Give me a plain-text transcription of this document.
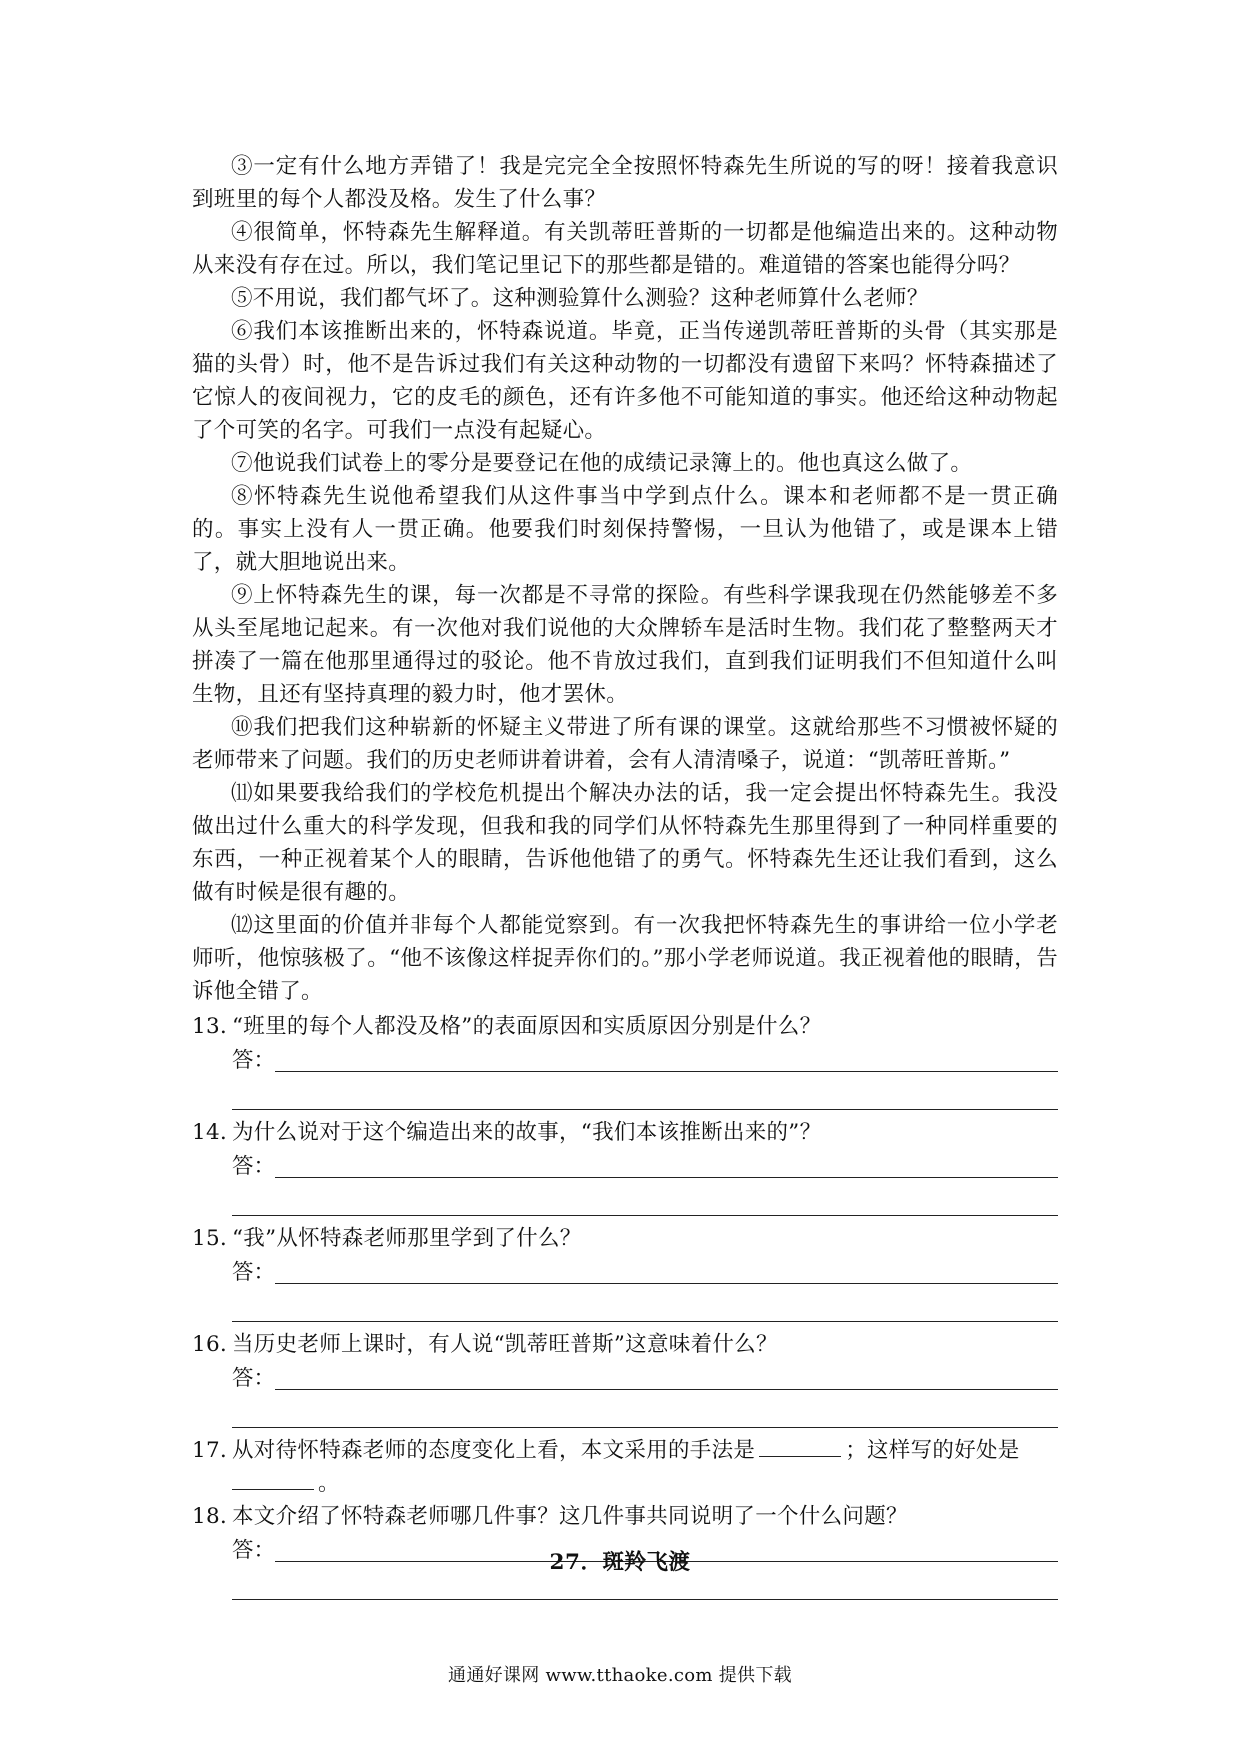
③一定有什么地方弄错了！我是完完全全按照怀特森先生所说的写的呀！接着我意识到班里的每个人都没及格。发生了什么事？

④很简单，怀特森先生解释道。有关凯蒂旺普斯的一切都是他编造出来的。这种动物从来没有存在过。所以，我们笔记里记下的那些都是错的。难道错的答案也能得分吗？

⑤不用说，我们都气坏了。这种测验算什么测验？这种老师算什么老师？

⑥我们本该推断出来的，怀特森说道。毕竟，正当传递凯蒂旺普斯的头骨（其实那是猫的头骨）时，他不是告诉过我们有关这种动物的一切都没有遗留下来吗？怀特森描述了它惊人的夜间视力，它的皮毛的颜色，还有许多他不可能知道的事实。他还给这种动物起了个可笑的名字。可我们一点没有起疑心。

⑦他说我们试卷上的零分是要登记在他的成绩记录簿上的。他也真这么做了。

⑧怀特森先生说他希望我们从这件事当中学到点什么。课本和老师都不是一贯正确的。事实上没有人一贯正确。他要我们时刻保持警惕，一旦认为他错了，或是课本上错了，就大胆地说出来。

⑨上怀特森先生的课，每一次都是不寻常的探险。有些科学课我现在仍然能够差不多从头至尾地记起来。有一次他对我们说他的大众牌轿车是活时生物。我们花了整整两天才拼凑了一篇在他那里通得过的驳论。他不肯放过我们，直到我们证明我们不但知道什么叫生物，且还有坚持真理的毅力时，他才罢休。

⑩我们把我们这种崭新的怀疑主义带进了所有课的课堂。这就给那些不习惯被怀疑的老师带来了问题。我们的历史老师讲着讲着，会有人清清嗓子，说道：“凯蒂旺普斯。”

⑾如果要我给我们的学校危机提出个解决办法的话，我一定会提出怀特森先生。我没做出过什么重大的科学发现，但我和我的同学们从怀特森先生那里得到了一种同样重要的东西，一种正视着某个人的眼睛，告诉他他错了的勇气。怀特森先生还让我们看到，这么做有时候是很有趣的。

⑿这里面的价值并非每个人都能觉察到。有一次我把怀特森先生的事讲给一位小学老师听，他惊骇极了。“他不该像这样捉弄你们的。”那小学老师说道。我正视着他的眼睛，告诉他全错了。

13．“班里的每个人都没及格”的表面原因和实质原因分别是什么？
答：
14．为什么说对于这个编造出来的故事，“我们本该推断出来的”？
答：
15．“我”从怀特森老师那里学到了什么？
答：
16．当历史老师上课时，有人说“凯蒂旺普斯”这意味着什么？
答：
17．从对待怀特森老师的态度变化上看，本文采用的手法是	；这样写的好处是
。
18．本文介绍了怀特森老师哪几件事？这几件事共同说明了一个什么问题？
答：	27．斑羚飞渡
通通好课网 www.tthaoke.com 提供下载
